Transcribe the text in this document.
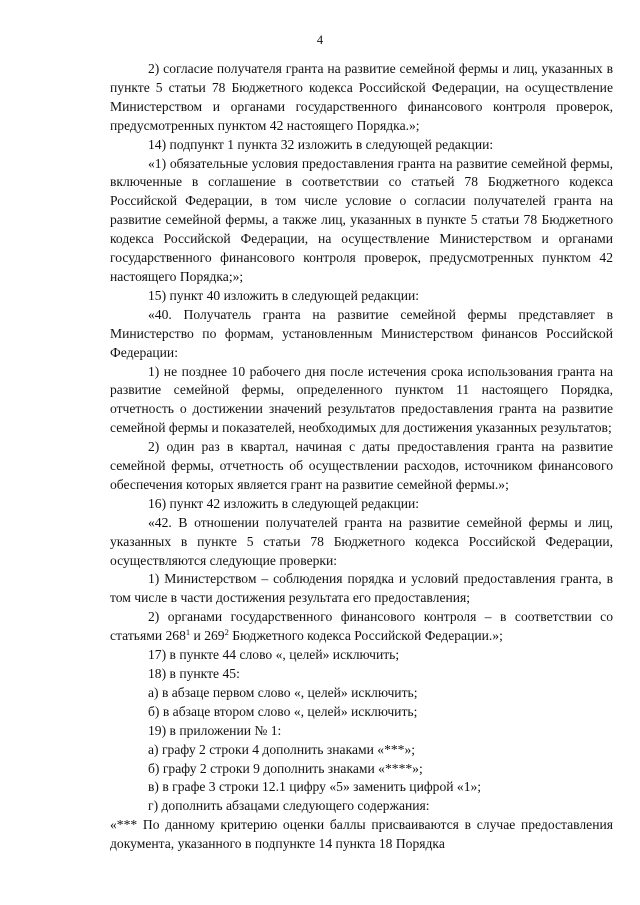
4

2) согласие получателя гранта на развитие семейной фермы и лиц, указанных в пункте 5 статьи 78 Бюджетного кодекса Российской Федерации, на осуществление Министерством и органами государственного финансового контроля проверок, предусмотренных пунктом 42 настоящего Порядка.»;

14) подпункт 1 пункта 32 изложить в следующей редакции:

«1) обязательные условия предоставления гранта на развитие семейной фермы, включенные в соглашение в соответствии со статьей 78 Бюджетного кодекса Российской Федерации, в том числе условие о согласии получателей гранта на развитие семейной фермы, а также лиц, указанных в пункте 5 статьи 78 Бюджетного кодекса Российской Федерации, на осуществление Министерством и органами государственного финансового контроля проверок, предусмотренных пунктом 42 настоящего Порядка;»;

15) пункт 40 изложить в следующей редакции:

«40. Получатель гранта на развитие семейной фермы представляет в Министерство по формам, установленным Министерством финансов Российской Федерации:

1) не позднее 10 рабочего дня после истечения срока использования гранта на развитие семейной фермы, определенного пунктом 11 настоящего Порядка, отчетность о достижении значений результатов предоставления гранта на развитие семейной фермы и показателей, необходимых для достижения указанных результатов;

2) один раз в квартал, начиная с даты предоставления гранта на развитие семейной фермы, отчетность об осуществлении расходов, источником финансового обеспечения которых является грант на развитие семейной фермы.»;

16) пункт 42 изложить в следующей редакции:

«42. В отношении получателей гранта на развитие семейной фермы и лиц, указанных в пункте 5 статьи 78 Бюджетного кодекса Российской Федерации, осуществляются следующие проверки:

1) Министерством – соблюдения порядка и условий предоставления гранта, в том числе в части достижения результата его предоставления;

2) органами государственного финансового контроля – в соответствии со статьями $268^1$ и $269^2$ Бюджетного кодекса Российской Федерации.»;

17) в пункте 44 слово «, целей» исключить;

18) в пункте 45:

а) в абзаце первом слово «, целей» исключить;

б) в абзаце втором слово «, целей» исключить;

19) в приложении № 1:

а) графу 2 строки 4 дополнить знаками «***»;

б) графу 2 строки 9 дополнить знаками «****»;

в) в графе 3 строки 12.1 цифру «5» заменить цифрой «1»;

г) дополнить абзацами следующего содержания:

«*** По данному критерию оценки баллы присваиваются в случае предоставления документа, указанного в подпункте 14 пункта 18 Порядка
